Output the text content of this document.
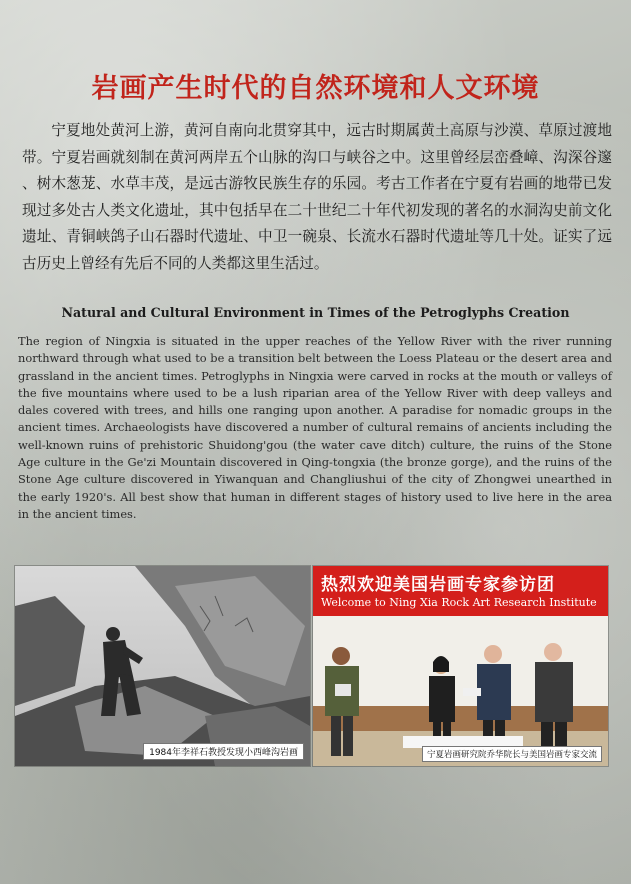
岩画产生时代的自然环境和人文环境
宁夏地处黄河上游，黄河自南向北贯穿其中，远古时期属黄土高原与沙漠、草原过渡地带。宁夏岩画就刻制在黄河两岸五个山脉的沟口与峡谷之中。这里曾经层峦叠嶂、沟深谷邃 、树木葱茏、水草丰茂，是远古游牧民族生存的乐园。考古工作者在宁夏有岩画的地带已发现过多处古人类文化遗址，其中包括早在二十世纪二十年代初发现的著名的水洞沟史前文化遗址、青铜峡鸽子山石器时代遗址、中卫一碗泉、长流水石器时代遗址等几十处。证实了远古历史上曾经有先后不同的人类都这里生活过。
Natural and Cultural Environment in Times of the Petroglyphs Creation
The region of Ningxia is situated in the upper reaches of the Yellow River with the river running northward through what used to be a transition belt between the Loess Plateau or the desert area and grassland in the ancient times. Petroglyphs in Ningxia were carved in rocks at the mouth or valleys of the five mountains where used to be a lush riparian area of the Yellow River with deep valleys and dales covered with trees, and hills one ranging upon another. A paradise for nomadic groups in the ancient times. Archaeologists have discovered a number of cultural remains of ancients including the well-known ruins of prehistoric Shuidong'gou (the water cave ditch) culture, the ruins of the Stone Age culture in the Ge'zi Mountain discovered in Qing-tongxia (the bronze gorge), and the ruins of the Stone Age culture discovered in Yiwanquan and Changliushui of the city of Zhongwei unearthed in the early 1920's. All best show that human in different stages of history used to live here in the area in the ancient times.
1984年李祥石教授发现小西峰沟岩画
热烈欢迎美国岩画专家参访团
Welcome to Ning Xia Rock Art Research Institute
宁夏岩画研究院乔华院长与美国岩画专家交流
